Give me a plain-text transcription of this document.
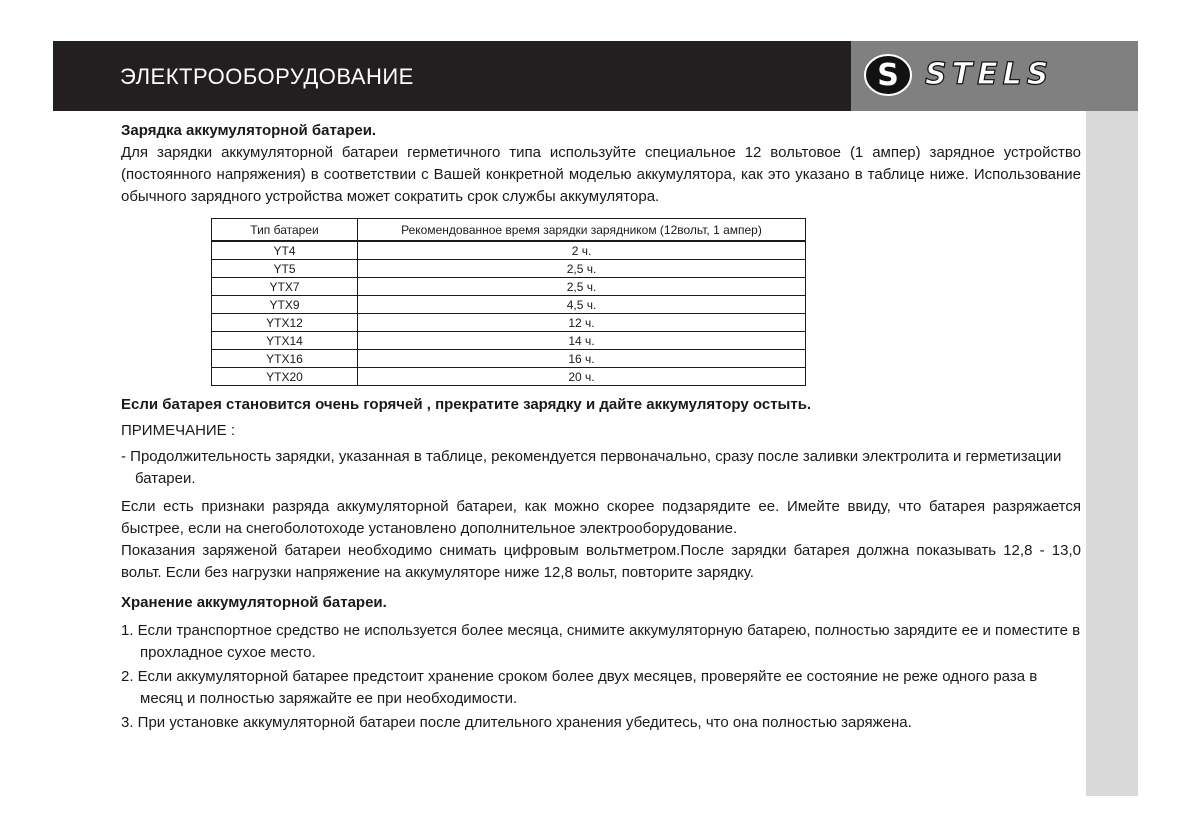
ЭЛЕКТРООБОРУДОВАНИЕ	S STELS

Зарядка аккумуляторной батареи.

Для зарядки аккумуляторной батареи герметичного типа используйте специальное 12 вольтовое (1 ампер) зарядное устройство (постоянного напряжения) в соответствии с Вашей конкретной моделью аккумулятора, как это указано в таблице ниже. Использование обычного зарядного устройства может сократить срок службы аккумулятора.

Тип батареи	Рекомендованное время зарядки зарядником (12вольт, 1 ампер)
YT4	2 ч.
YT5	2,5 ч.
YTX7	2,5 ч.
YTX9	4,5 ч.
YTX12	12 ч.
YTX14	14 ч.
YTX16	16 ч.
YTX20	20 ч.

Если батарея становится очень горячей , прекратите зарядку и дайте аккумулятору остыть.

ПРИМЕЧАНИЕ :

- Продолжительность зарядки, указанная в таблице, рекомендуется первоначально, сразу после заливки электролита и герметизации батареи.

Если есть признаки разряда аккумуляторной батареи, как можно скорее подзарядите ее. Имейте ввиду, что батарея разряжается быстрее, если на снегоболотоходе установлено дополнительное электрооборудование.

Показания заряженой батареи необходимо снимать цифровым вольтметром.После зарядки батарея должна показывать 12,8 - 13,0 вольт. Если без нагрузки напряжение на аккумуляторе ниже 12,8 вольт, повторите зарядку.

Хранение аккумуляторной батареи.

1. Если транспортное средство не используется более месяца, снимите аккумуляторную батарею, полностью зарядите ее и поместите в прохладное сухое место.
2. Если аккумуляторной батарее предстоит хранение сроком более двух месяцев, проверяйте ее состояние не реже одного раза в месяц и полностью заряжайте ее при необходимости.
3. При установке аккумуляторной батареи после длительного хранения убедитесь, что она полностью заряжена.
